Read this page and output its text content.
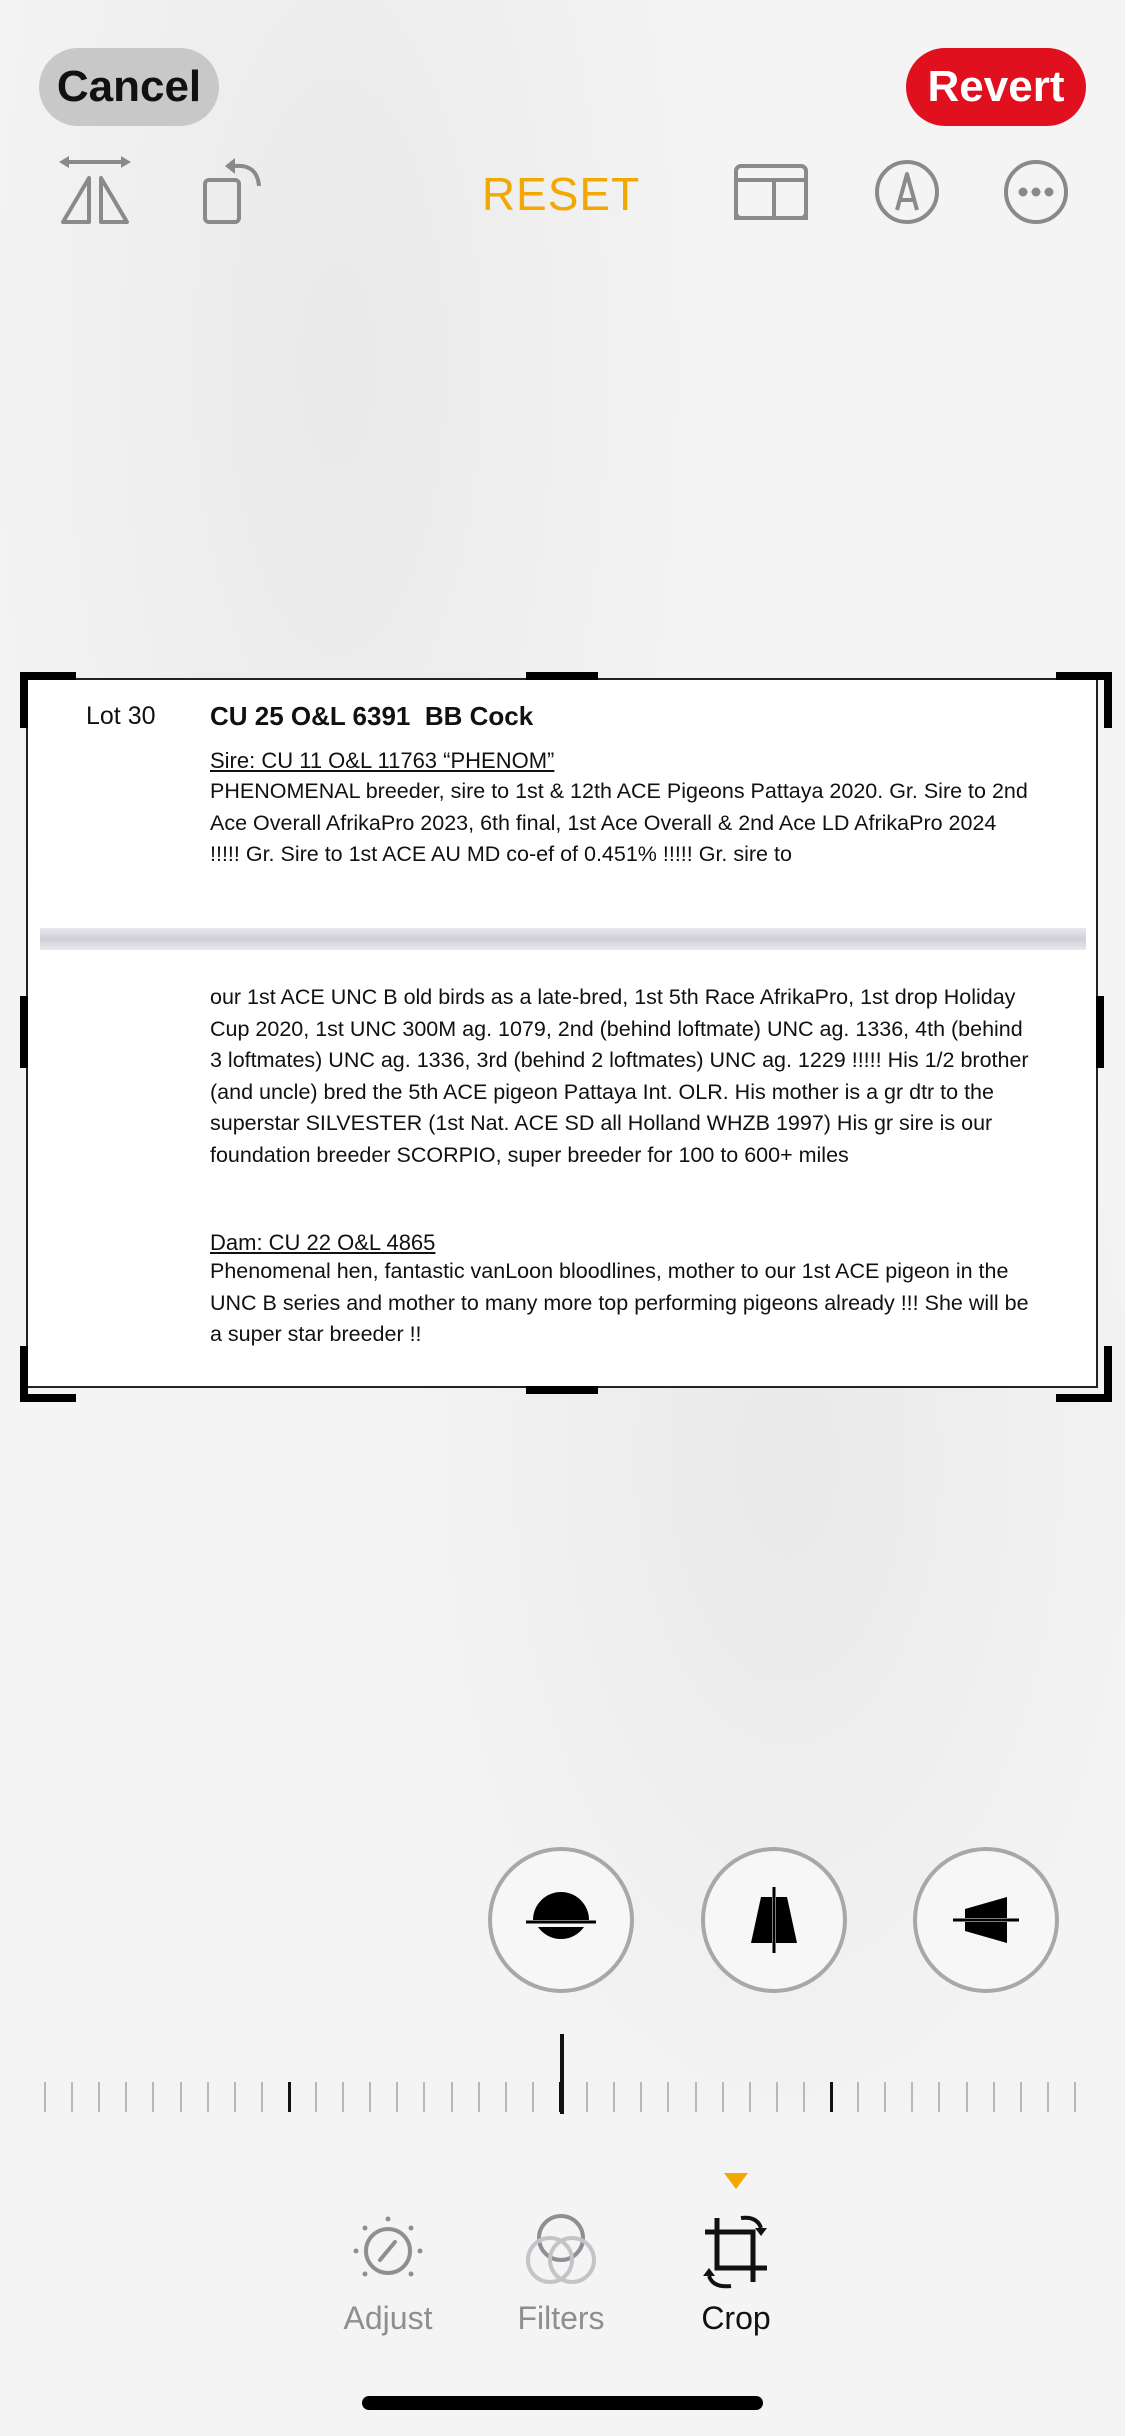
Cancel	Revert
RESET
Lot 30 CU 25 O&L 6391  BB Cock
Sire: CU 11 O&L 11763 “PHENOM”
PHENOMENAL breeder, sire to 1st & 12th ACE Pigeons Pattaya 2020. Gr. Sire to 2nd Ace Overall AfrikaPro 2023, 6th final, 1st Ace Overall & 2nd Ace LD AfrikaPro 2024 !!!!! Gr. Sire to 1st ACE AU MD co-ef of 0.451% !!!!! Gr. sire to
our 1st ACE UNC B old birds as a late-bred, 1st 5th Race AfrikaPro, 1st drop Holiday Cup 2020, 1st UNC 300M ag. 1079, 2nd (behind loftmate) UNC ag. 1336, 4th (behind 3 loftmates) UNC ag. 1336, 3rd (behind 2 loftmates) UNC ag. 1229 !!!!! His 1/2 brother (and uncle) bred the 5th ACE pigeon Pattaya Int. OLR. His mother is a gr dtr to the superstar SILVESTER (1st Nat. ACE SD all Holland WHZB 1997) His gr sire is our foundation breeder SCORPIO, super breeder for 100 to 600+ miles
Dam: CU 22 O&L 4865
Phenomenal hen, fantastic vanLoon bloodlines, mother to our 1st ACE pigeon in the UNC B series and mother to many more top performing pigeons already !!! She will be a super star breeder !!
Adjust	Filters	Crop
